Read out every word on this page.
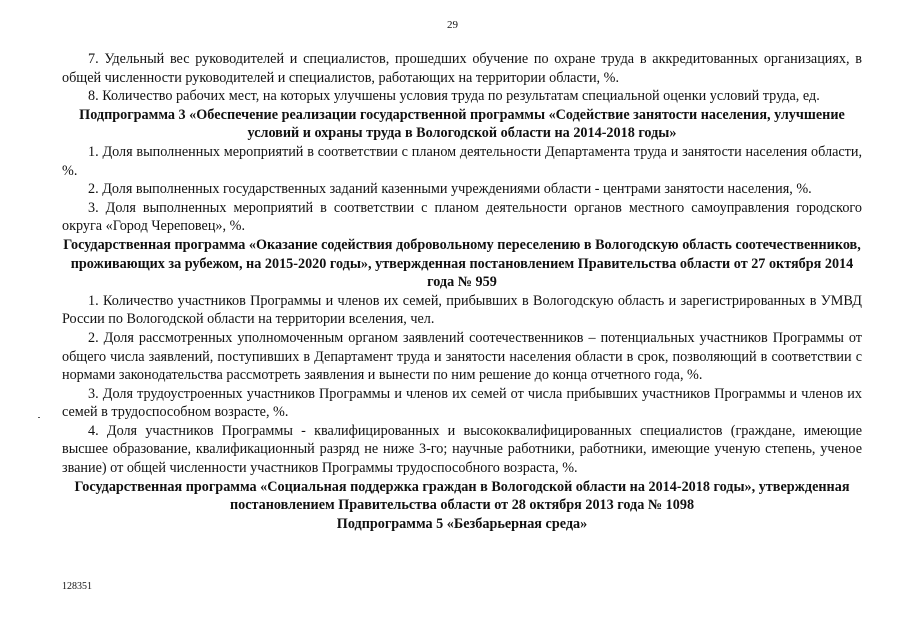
29

7. Удельный вес руководителей и специалистов, прошедших обучение по охране труда в аккредитованных организациях, в общей численности руководителей и специалистов, работающих на территории области, %.

8. Количество рабочих мест, на которых улучшены условия труда по результатам специальной оценки условий труда, ед.

Подпрограмма 3 «Обеспечение реализации государственной программы «Содействие занятости населения, улучшение условий и охраны труда в Вологодской области на 2014-2018 годы»

1. Доля выполненных мероприятий в соответствии с планом деятельности Департамента труда и занятости населения области, %.

2. Доля выполненных государственных заданий казенными учреждениями области - центрами занятости населения, %.

3. Доля выполненных мероприятий в соответствии с планом деятельности органов местного самоуправления городского округа «Город Череповец», %.

Государственная программа «Оказание содействия добровольному переселению в Вологодскую область соотечественников, проживающих за рубежом, на 2015-2020 годы», утвержденная постановлением Правительства области от 27 октября 2014 года № 959

1. Количество участников Программы и членов их семей, прибывших в Вологодскую область и зарегистрированных в УМВД России по Вологодской области на территории вселения, чел.

2. Доля рассмотренных уполномоченным органом заявлений соотечественников – потенциальных участников Программы от общего числа заявлений, поступивших в Департамент труда и занятости населения области в срок, позволяющий в соответствии с нормами законодательства рассмотреть заявления и вынести по ним решение до конца отчетного года, %.

3. Доля трудоустроенных участников Программы и членов их семей от числа прибывших участников Программы и членов их семей в трудоспособном возрасте, %.

4. Доля участников Программы - квалифицированных и высококвалифицированных специалистов (граждане, имеющие высшее образование, квалификационный разряд не ниже 3-го; научные работники, работники, имеющие ученую степень, ученое звание) от общей численности участников Программы трудоспособного возраста, %.

Государственная программа «Социальная поддержка граждан в Вологодской области на 2014-2018 годы», утвержденная постановлением Правительства области от 28 октября 2013 года № 1098

Подпрограмма 5 «Безбарьерная среда»

128351
